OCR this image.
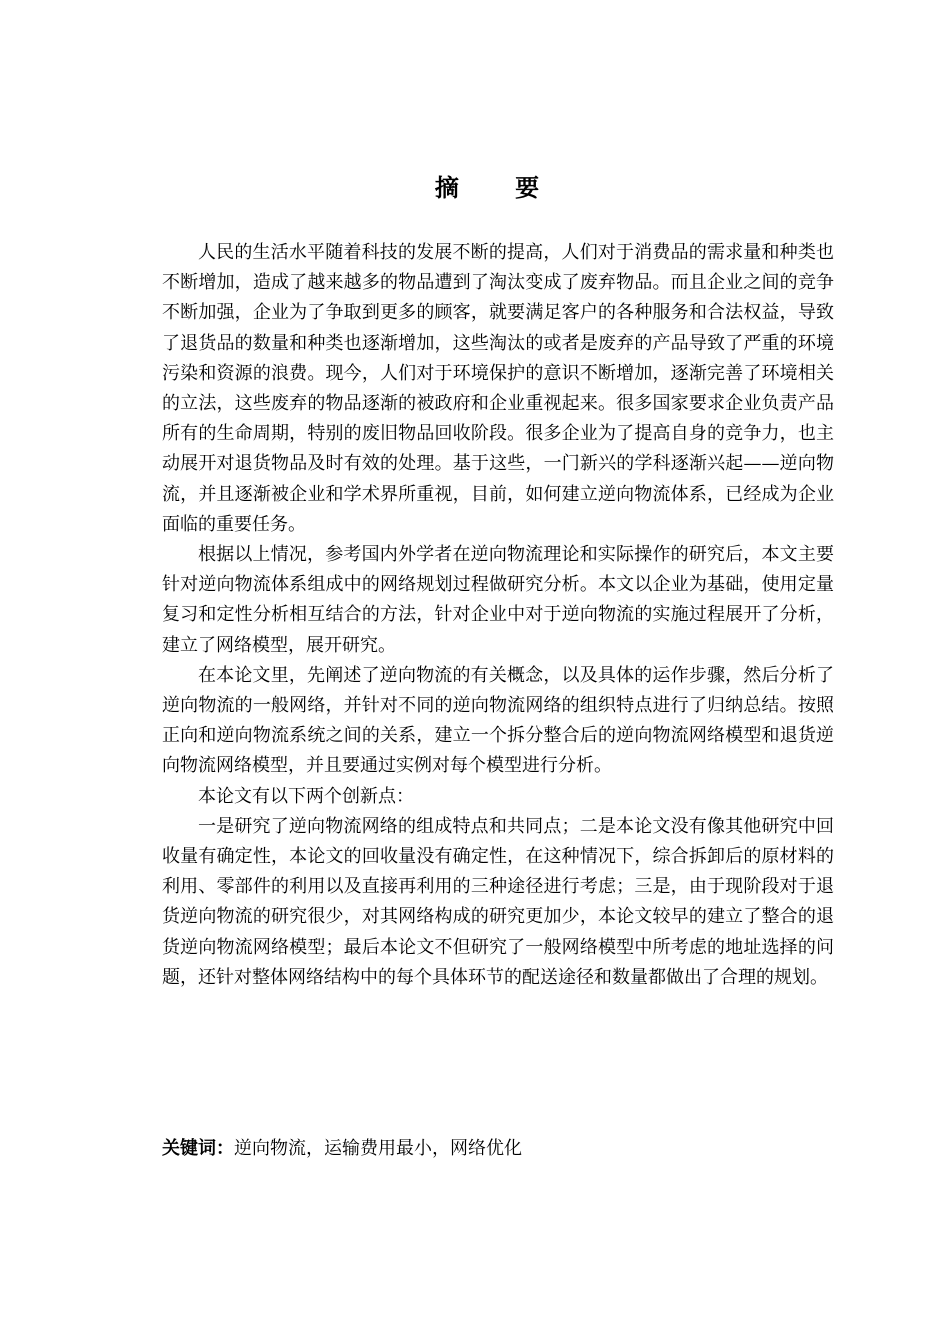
摘 要

人民的生活水平随着科技的发展不断的提高，人们对于消费品的需求量和种类也不断增加，造成了越来越多的物品遭到了淘汰变成了废弃物品。而且企业之间的竞争不断加强，企业为了争取到更多的顾客，就要满足客户的各种服务和合法权益，导致了退货品的数量和种类也逐渐增加，这些淘汰的或者是废弃的产品导致了严重的环境污染和资源的浪费。现今，人们对于环境保护的意识不断增加，逐渐完善了环境相关的立法，这些废弃的物品逐渐的被政府和企业重视起来。很多国家要求企业负责产品所有的生命周期，特别的废旧物品回收阶段。很多企业为了提高自身的竞争力，也主动展开对退货物品及时有效的处理。基于这些，一门新兴的学科逐渐兴起——逆向物流，并且逐渐被企业和学术界所重视，目前，如何建立逆向物流体系，已经成为企业面临的重要任务。

根据以上情况，参考国内外学者在逆向物流理论和实际操作的研究后，本文主要针对逆向物流体系组成中的网络规划过程做研究分析。本文以企业为基础，使用定量复习和定性分析相互结合的方法，针对企业中对于逆向物流的实施过程展开了分析，建立了网络模型，展开研究。

在本论文里，先阐述了逆向物流的有关概念，以及具体的运作步骤，然后分析了逆向物流的一般网络，并针对不同的逆向物流网络的组织特点进行了归纳总结。按照正向和逆向物流系统之间的关系，建立一个拆分整合后的逆向物流网络模型和退货逆向物流网络模型，并且要通过实例对每个模型进行分析。

本论文有以下两个创新点：

一是研究了逆向物流网络的组成特点和共同点；二是本论文没有像其他研究中回收量有确定性，本论文的回收量没有确定性，在这种情况下，综合拆卸后的原材料的利用、零部件的利用以及直接再利用的三种途径进行考虑；三是，由于现阶段对于退货逆向物流的研究很少，对其网络构成的研究更加少，本论文较早的建立了整合的退货逆向物流网络模型；最后本论文不但研究了一般网络模型中所考虑的地址选择的问题，还针对整体网络结构中的每个具体环节的配送途径和数量都做出了合理的规划。

关键词：逆向物流，运输费用最小，网络优化
